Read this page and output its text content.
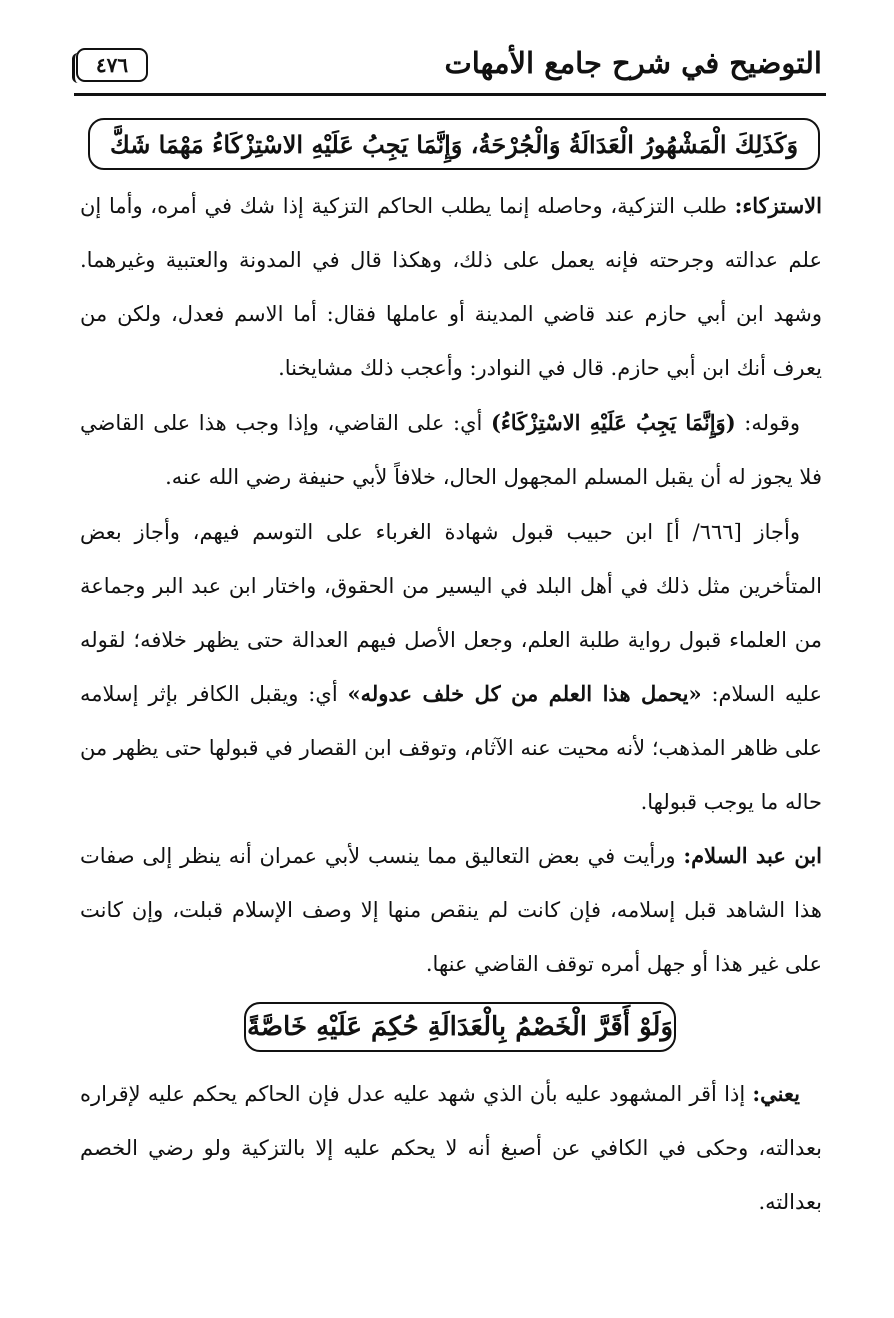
التوضيح في شرح جامع الأمهات
٤٧٦
وَكَذَلِكَ الْمَشْهُورُ الْعَدَالَةُ وَالْجُرْحَةُ، وَإِنَّمَا يَجِبُ عَلَيْهِ الاسْتِزْكَاءُ مَهْمَا شَكَّ

الاستزكاء: طلب التزكية، وحاصله إنما يطلب الحاكم التزكية إذا شك في أمره، وأما إن علم عدالته وجرحته فإنه يعمل على ذلك، وهكذا قال في المدونة والعتبية وغيرهما. وشهد ابن أبي حازم عند قاضي المدينة أو عاملها فقال: أما الاسم فعدل، ولكن من يعرف أنك ابن أبي حازم. قال في النوادر: وأعجب ذلك مشايخنا.

وقوله: (وَإِنَّمَا يَجِبُ عَلَيْهِ الاسْتِزْكَاءُ) أي: على القاضي، وإذا وجب هذا على القاضي فلا يجوز له أن يقبل المسلم المجهول الحال، خلافاً لأبي حنيفة رضي الله عنه.

وأجاز [٦٦٦/ أ] ابن حبيب قبول شهادة الغرباء على التوسم فيهم، وأجاز بعض المتأخرين مثل ذلك في أهل البلد في اليسير من الحقوق، واختار ابن عبد البر وجماعة من العلماء قبول رواية طلبة العلم، وجعل الأصل فيهم العدالة حتى يظهر خلافه؛ لقوله عليه السلام: «يحمل هذا العلم من كل خلف عدوله» أي: ويقبل الكافر بإثر إسلامه على ظاهر المذهب؛ لأنه محيت عنه الآثام، وتوقف ابن القصار في قبولها حتى يظهر من حاله ما يوجب قبولها.

ابن عبد السلام: ورأيت في بعض التعاليق مما ينسب لأبي عمران أنه ينظر إلى صفات هذا الشاهد قبل إسلامه، فإن كانت لم ينقص منها إلا وصف الإسلام قبلت، وإن كانت على غير هذا أو جهل أمره توقف القاضي عنها.

وَلَوْ أَقَرَّ الْخَصْمُ بِالْعَدَالَةِ حُكِمَ عَلَيْهِ خَاصَّةً

يعني: إذا أقر المشهود عليه بأن الذي شهد عليه عدل فإن الحاكم يحكم عليه لإقراره بعدالته، وحكى في الكافي عن أصبغ أنه لا يحكم عليه إلا بالتزكية ولو رضي الخصم بعدالته.
